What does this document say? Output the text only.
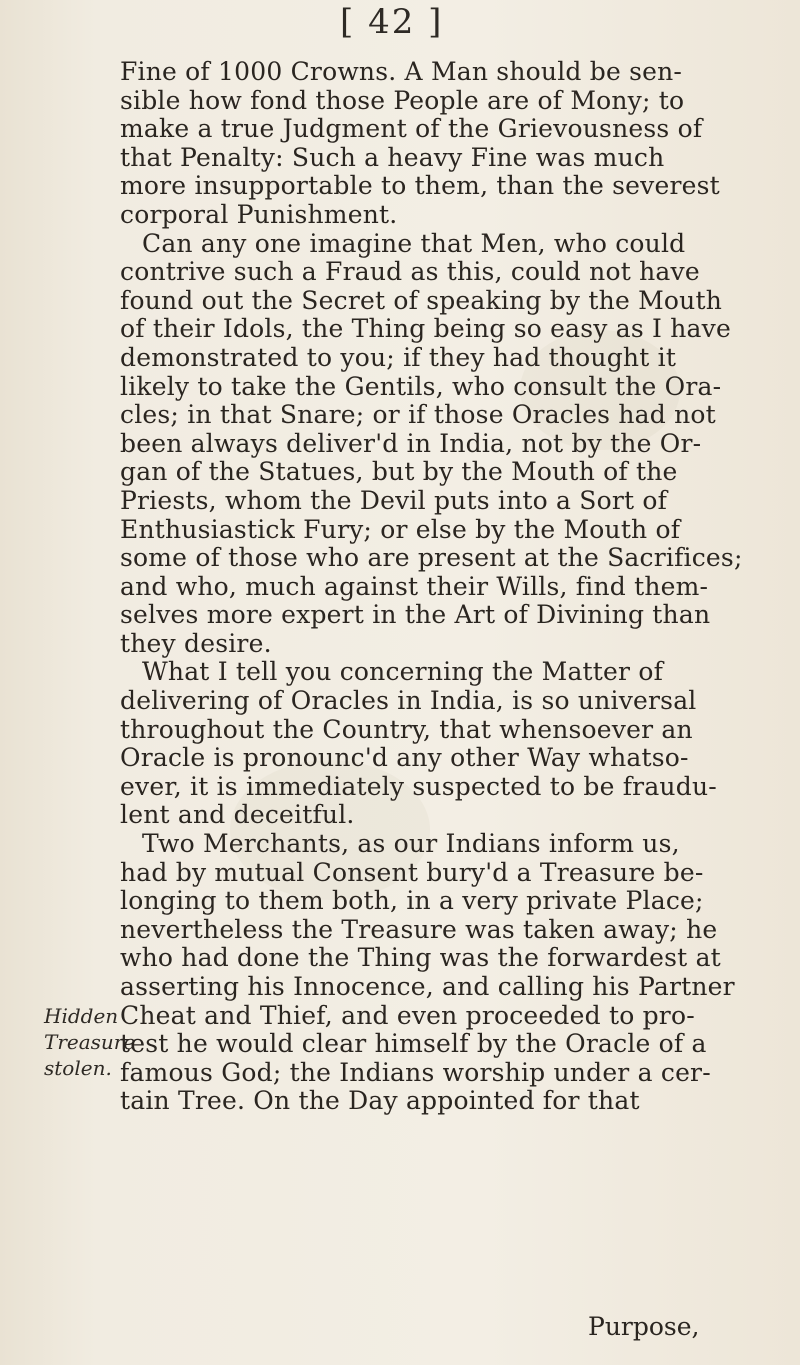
[ 42 ]
Hidden
Treasure
stolen.
Fine of 1000 Crowns. A Man should be sen-
sible how fond those People are of Mony; to
make a true Judgment of the Grievousness of
that Penalty: Such a heavy Fine was much
more insupportable to them, than the severest
corporal Punishment.
Can any one imagine that Men, who could
contrive such a Fraud as this, could not have
found out the Secret of speaking by the Mouth
of their Idols, the Thing being so easy as I have
demonstrated to you; if they had thought it
likely to take the Gentils, who consult the Ora-
cles; in that Snare; or if those Oracles had not
been always deliver'd in India, not by the Or-
gan of the Statues, but by the Mouth of the
Priests, whom the Devil puts into a Sort of
Enthusiastick Fury; or else by the Mouth of
some of those who are present at the Sacrifices;
and who, much against their Wills, find them-
selves more expert in the Art of Divining than
they desire.
What I tell you concerning the Matter of
delivering of Oracles in India, is so universal
throughout the Country, that whensoever an
Oracle is pronounc'd any other Way whatso-
ever, it is immediately suspected to be fraudu-
lent and deceitful.
Two Merchants, as our Indians inform us,
had by mutual Consent bury'd a Treasure be-
longing to them both, in a very private Place;
nevertheless the Treasure was taken away; he
who had done the Thing was the forwardest at
asserting his Innocence, and calling his Partner
Cheat and Thief, and even proceeded to pro-
test he would clear himself by the Oracle of a
famous God; the Indians worship under a cer-
tain Tree. On the Day appointed for that
Purpose,
